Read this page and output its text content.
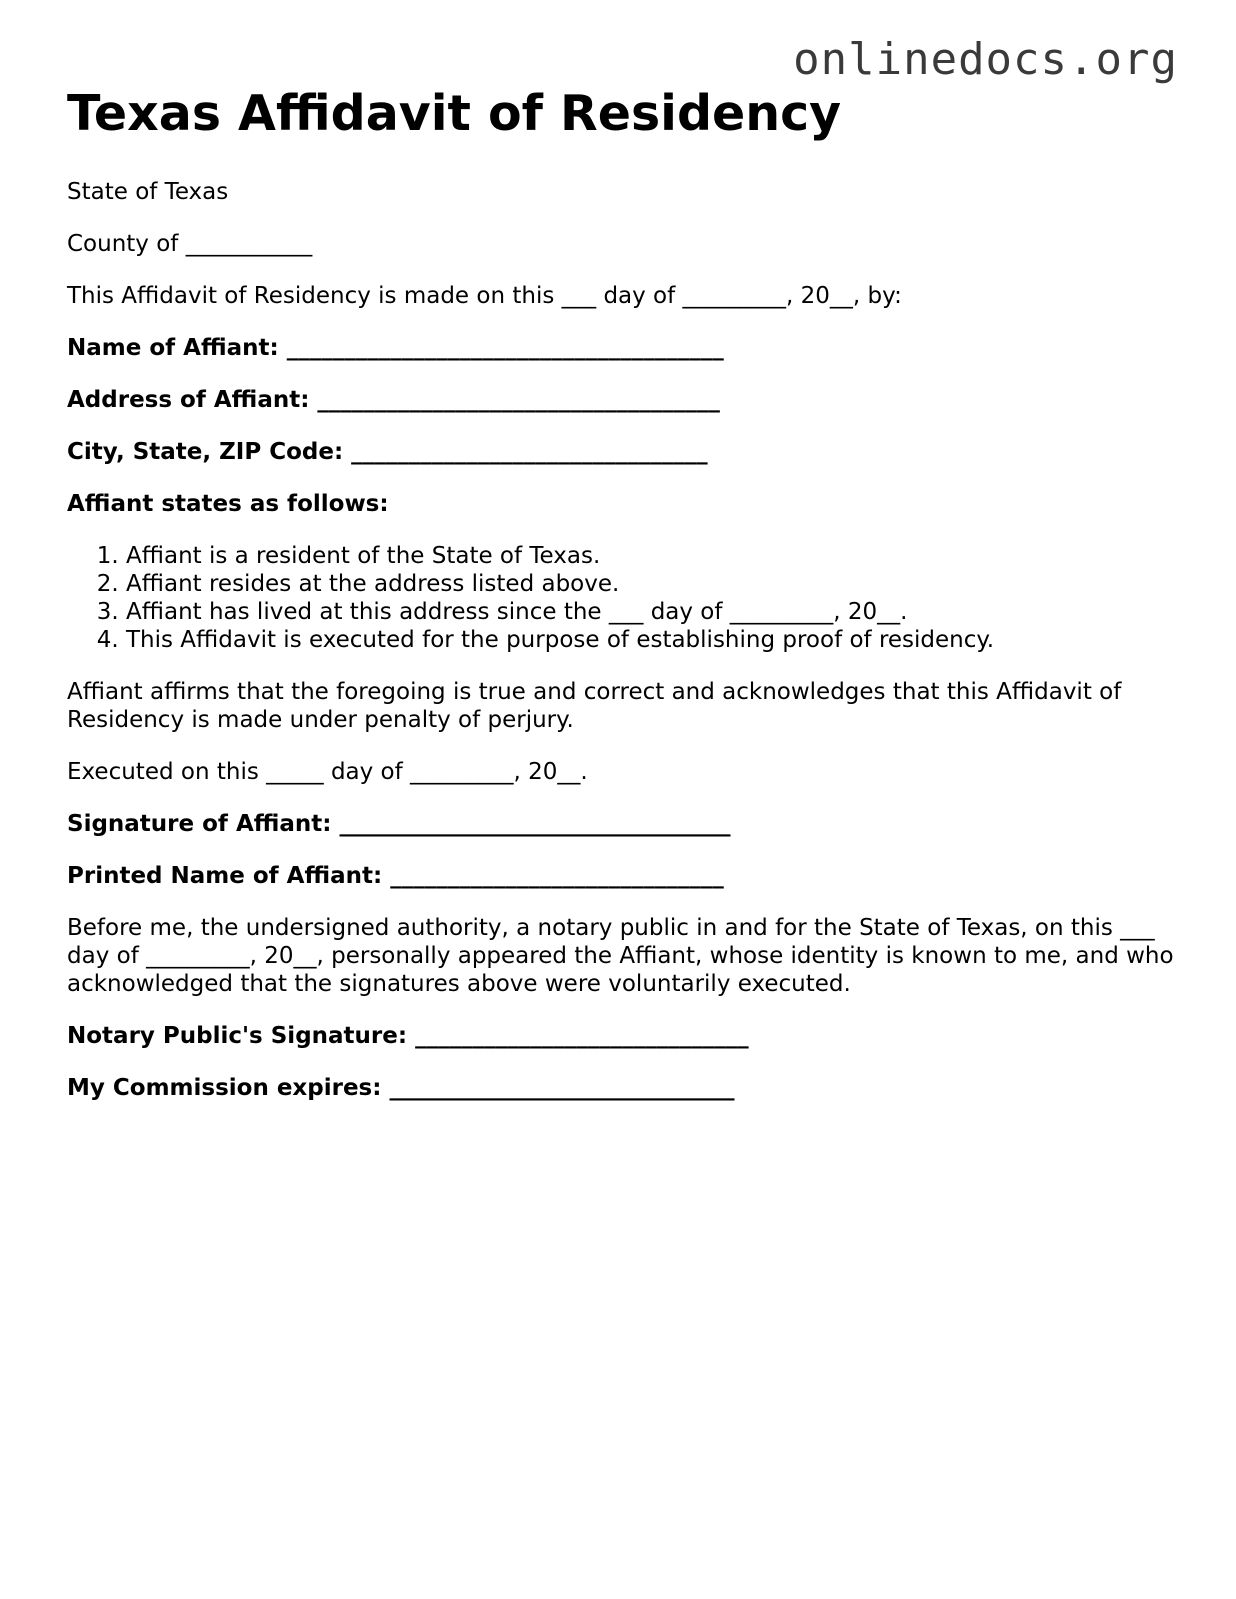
onlinedocs.org
Texas Affidavit of Residency

State of Texas

County of ___________

This Affidavit of Residency is made on this ___ day of _________, 20__, by:

Name of Affiant: ______________________________________

Address of Affiant: ___________________________________

City, State, ZIP Code: _______________________________

Affiant states as follows:

1. Affiant is a resident of the State of Texas.
2. Affiant resides at the address listed above.
3. Affiant has lived at this address since the ___ day of _________, 20__.
4. This Affidavit is executed for the purpose of establishing proof of residency.

Affiant affirms that the foregoing is true and correct and acknowledges that this Affidavit of Residency is made under penalty of perjury.

Executed on this _____ day of _________, 20__.

Signature of Affiant: __________________________________

Printed Name of Affiant: _____________________________

Before me, the undersigned authority, a notary public in and for the State of Texas, on this ___ day of _________, 20__, personally appeared the Affiant, whose identity is known to me, and who acknowledged that the signatures above were voluntarily executed.

Notary Public's Signature: _____________________________

My Commission expires: ______________________________
